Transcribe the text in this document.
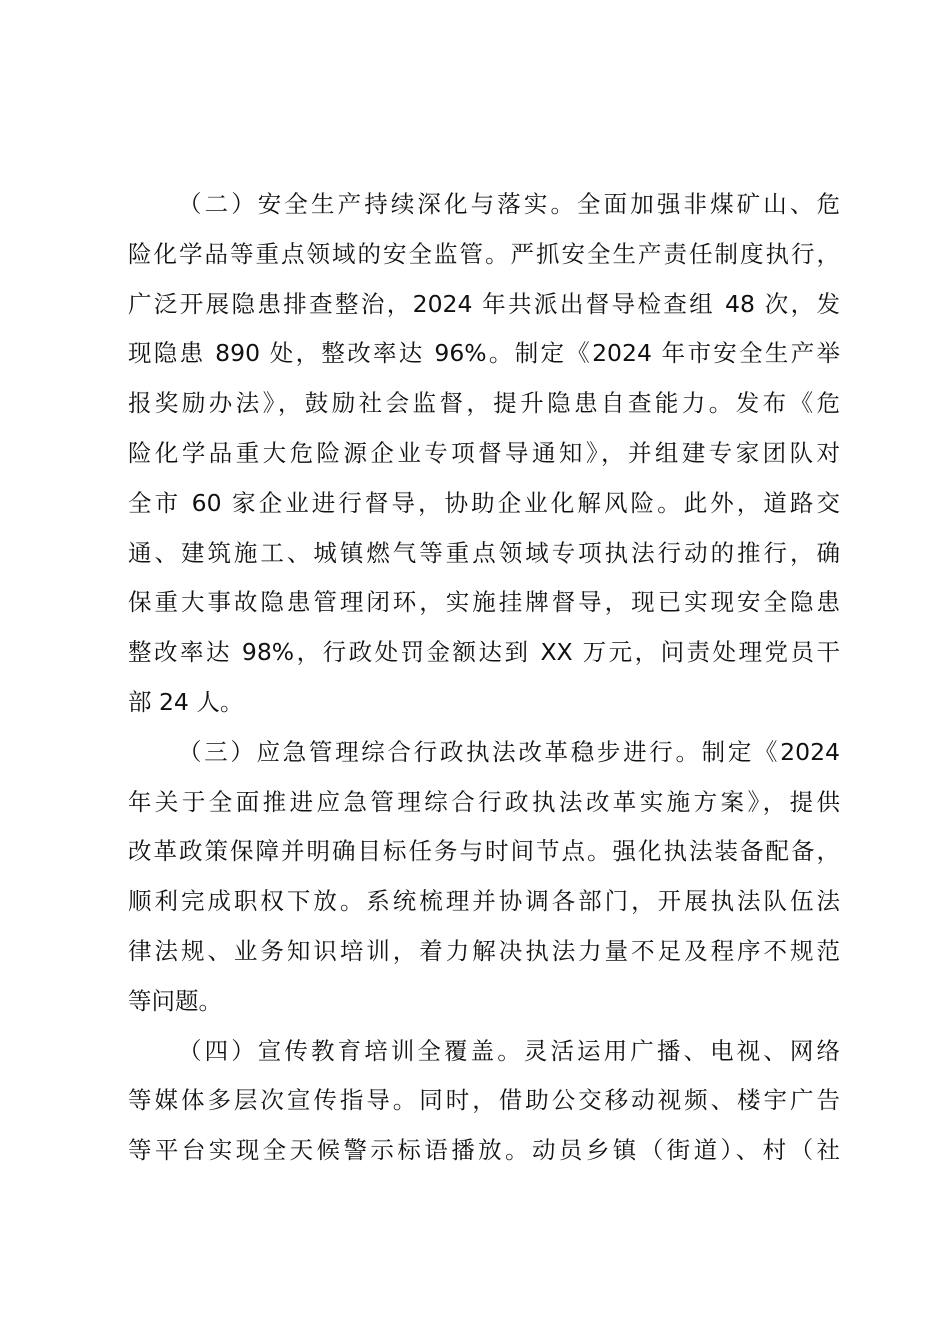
（二）安全生产持续深化与落实。全面加强非煤矿山、危
险化学品等重点领域的安全监管。严抓安全生产责任制度执行，
广泛开展隐患排查整治，2024 年共派出督导检查组 48 次，发
现隐患 890 处，整改率达 96%。制定《2024 年市安全生产举
报奖励办法》，鼓励社会监督，提升隐患自查能力。发布《危
险化学品重大危险源企业专项督导通知》，并组建专家团队对
全市 60 家企业进行督导，协助企业化解风险。此外，道路交
通、建筑施工、城镇燃气等重点领域专项执法行动的推行，确
保重大事故隐患管理闭环，实施挂牌督导，现已实现安全隐患
整改率达 98%，行政处罚金额达到 XX 万元，问责处理党员干
部 24 人。
（三）应急管理综合行政执法改革稳步进行。制定《2024
年关于全面推进应急管理综合行政执法改革实施方案》，提供
改革政策保障并明确目标任务与时间节点。强化执法装备配备，
顺利完成职权下放。系统梳理并协调各部门，开展执法队伍法
律法规、业务知识培训，着力解决执法力量不足及程序不规范
等问题。
（四）宣传教育培训全覆盖。灵活运用广播、电视、网络
等媒体多层次宣传指导。同时，借助公交移动视频、楼宇广告
等平台实现全天候警示标语播放。动员乡镇（街道）、村（社
